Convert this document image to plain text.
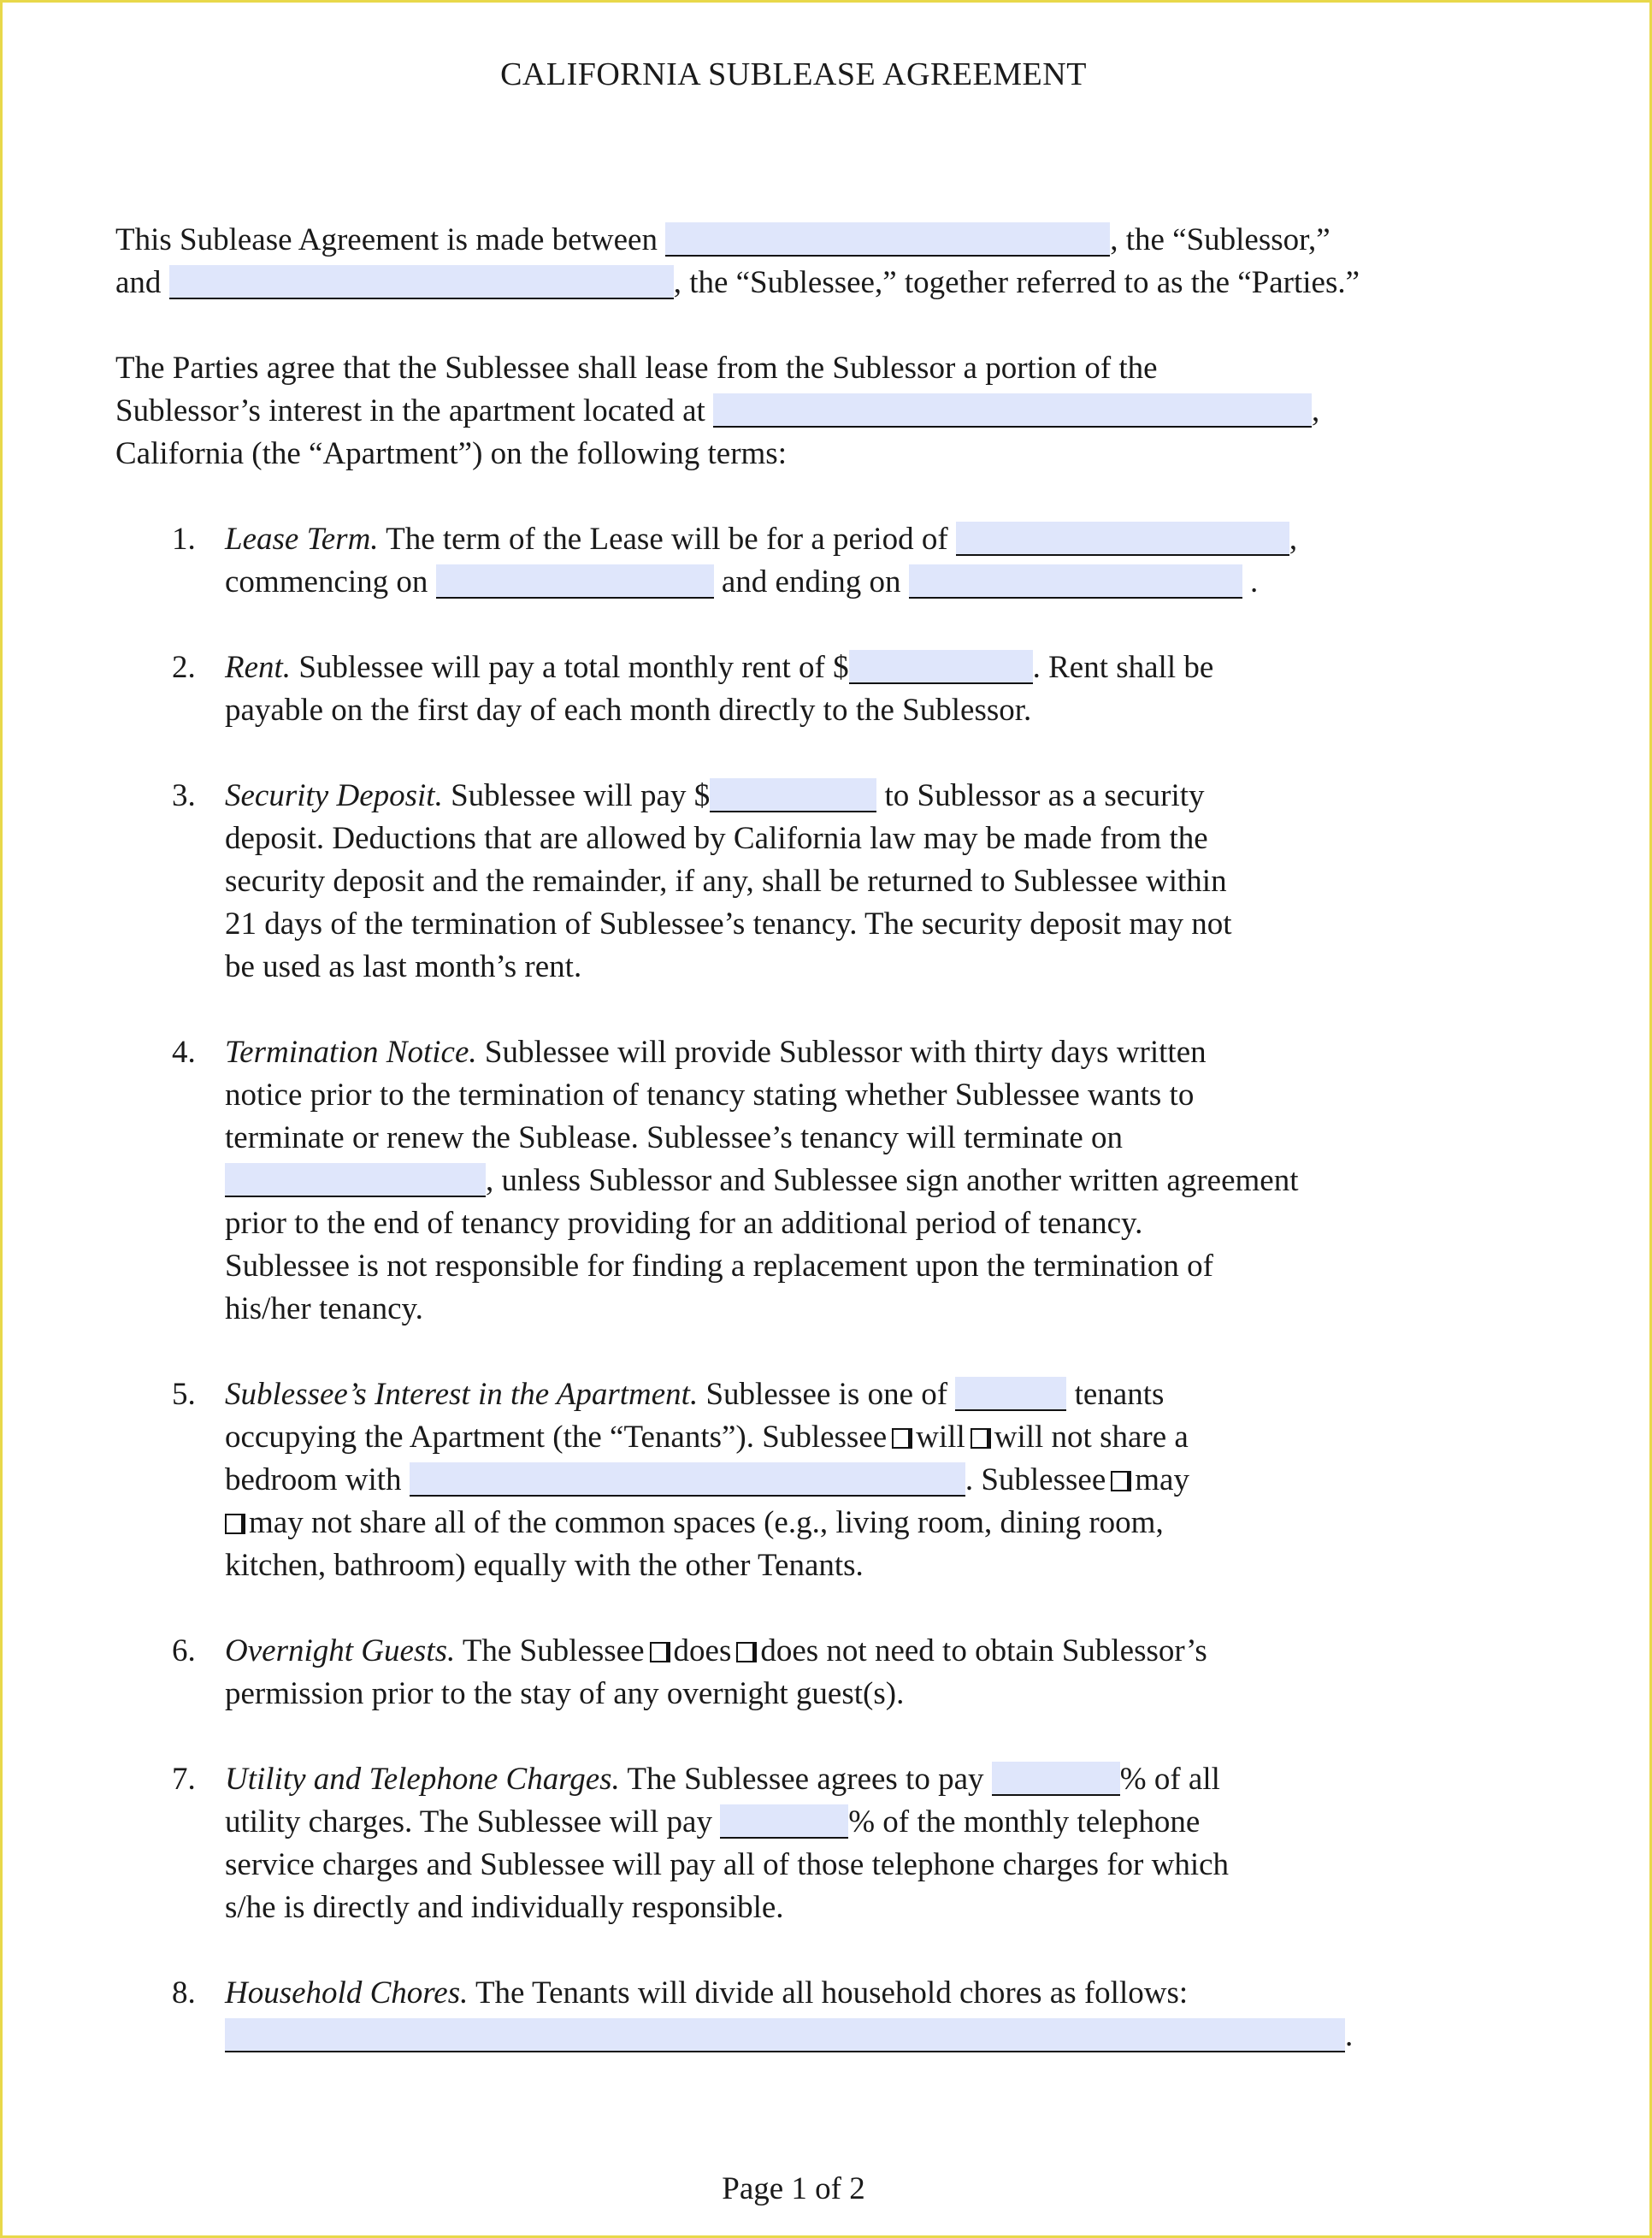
CALIFORNIA SUBLEASE AGREEMENT
This Sublease Agreement is made between	, the “Sublessor,”
and	, the “Sublessee,” together referred to as the “Parties.”
The Parties agree that the Sublessee shall lease from the Sublessor a portion of the
Sublessor’s interest in the apartment located at	,
California (the “Apartment”) on the following terms:
1. Lease Term. The term of the Lease will be for a period of	,
commencing on	and ending on	.
2. Rent. Sublessee will pay a total monthly rent of $	. Rent shall be
payable on the first day of each month directly to the Sublessor.
3. Security Deposit. Sublessee will pay $	to Sublessor as a security
deposit. Deductions that are allowed by California law may be made from the
security deposit and the remainder, if any, shall be returned to Sublessee within
21 days of the termination of Sublessee’s tenancy. The security deposit may not
be used as last month’s rent.
4. Termination Notice. Sublessee will provide Sublessor with thirty days written
notice prior to the termination of tenancy stating whether Sublessee wants to
terminate or renew the Sublease. Sublessee’s tenancy will terminate on
, unless Sublessor and Sublessee sign another written agreement
prior to the end of tenancy providing for an additional period of tenancy.
Sublessee is not responsible for finding a replacement upon the termination of
his/her tenancy.
5. Sublessee’s Interest in the Apartment. Sublessee is one of	tenants
occupying the Apartment (the “Tenants”). Sublessee will will not share a
bedroom with	. Sublessee may
may not share all of the common spaces (e.g., living room, dining room,
kitchen, bathroom) equally with the other Tenants.
6. Overnight Guests. The Sublessee does does not need to obtain Sublessor’s
permission prior to the stay of any overnight guest(s).
7. Utility and Telephone Charges. The Sublessee agrees to pay	% of all
utility charges. The Sublessee will pay	% of the monthly telephone
service charges and Sublessee will pay all of those telephone charges for which
s/he is directly and individually responsible.
8. Household Chores. The Tenants will divide all household chores as follows:
.
Page 1 of 2
